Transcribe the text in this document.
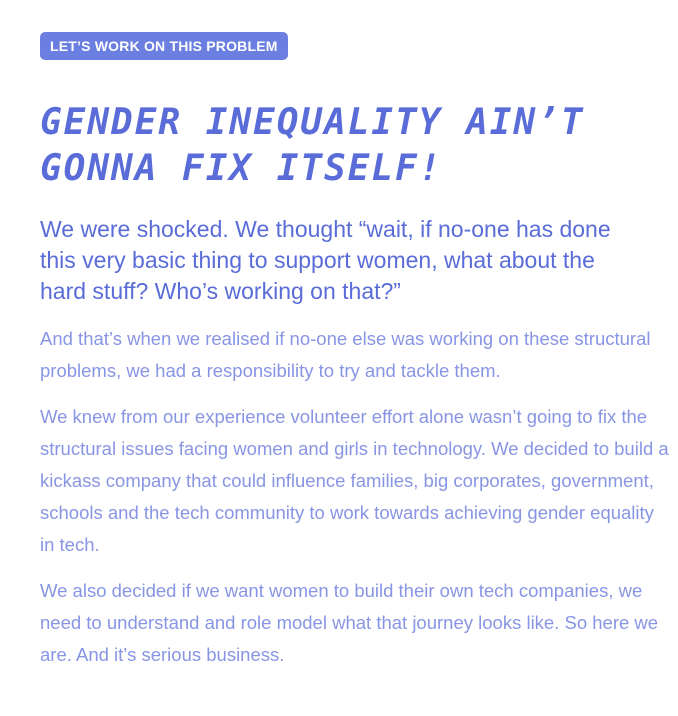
LET’S WORK ON THIS PROBLEM
GENDER INEQUALITY AIN’T GONNA FIX ITSELF!

We were shocked. We thought “wait, if no-one has done this very basic thing to support women, what about the hard stuff? Who’s working on that?”

And that’s when we realised if no-one else was working on these structural problems, we had a responsibility to try and tackle them.

We knew from our experience volunteer effort alone wasn’t going to fix the structural issues facing women and girls in technology. We decided to build a kickass company that could influence families, big corporates, government, schools and the tech community to work towards achieving gender equality in tech.

We also decided if we want women to build their own tech companies, we need to understand and role model what that journey looks like. So here we are. And it’s serious business.
